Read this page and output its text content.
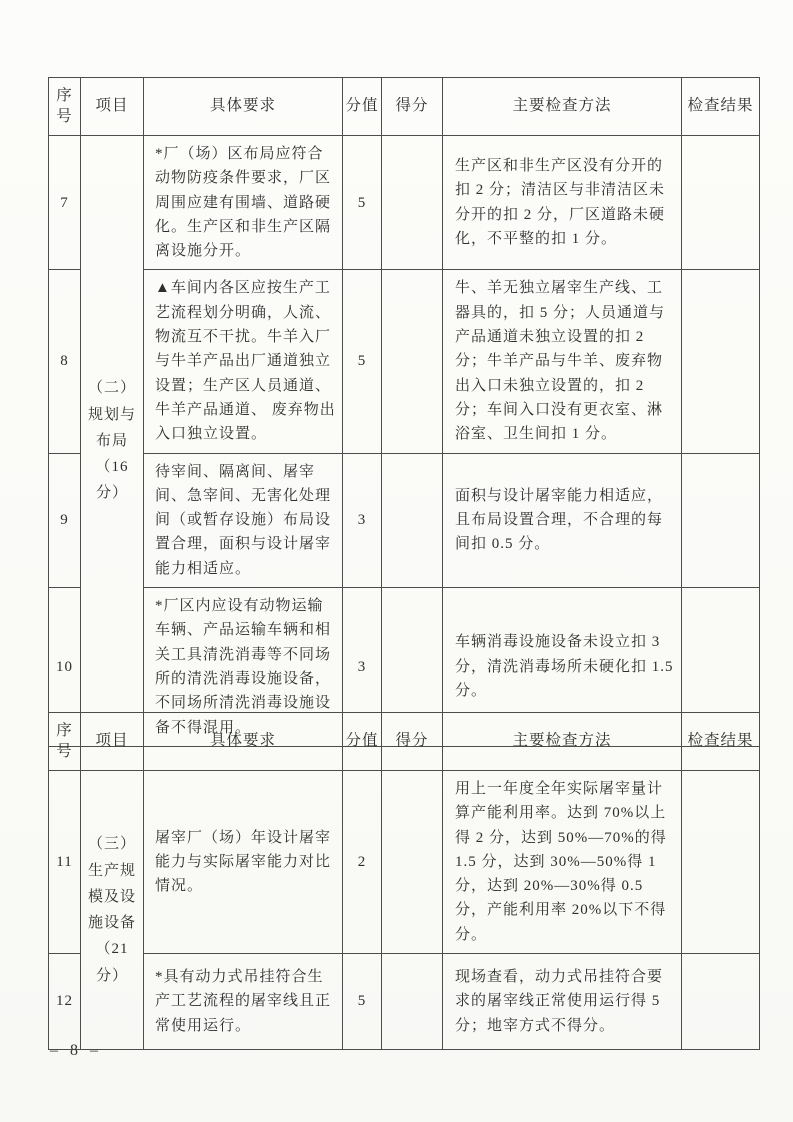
序号	项目	具体要求	分值	得分	主要检查方法	检查结果
7	（二）规划与布局（16分）	*厂（场）区布局应符合动物防疫条件要求，厂区周围应建有围墙、道路硬化。生产区和非生产区隔离设施分开。	5		生产区和非生产区没有分开的扣 2 分；清洁区与非清洁区未分开的扣 2 分，厂区道路未硬化，不平整的扣 1 分。	
8		▲车间内各区应按生产工艺流程划分明确，人流、物流互不干扰。牛羊入厂与牛羊产品出厂通道独立设置；生产区人员通道、牛羊产品通道、 废弃物出入口独立设置。	5		牛、羊无独立屠宰生产线、工器具的，扣 5 分；人员通道与产品通道未独立设置的扣 2 分；牛羊产品与牛羊、废弃物出入口未独立设置的，扣 2 分；车间入口没有更衣室、淋浴室、卫生间扣 1 分。	
9		待宰间、隔离间、屠宰间、急宰间、无害化处理间（或暂存设施）布局设置合理，面积与设计屠宰能力相适应。	3		面积与设计屠宰能力相适应，且布局设置合理，不合理的每间扣 0.5 分。	
10		*厂区内应设有动物运输车辆、产品运输车辆和相关工具清洗消毒等不同场所的清洗消毒设施设备，不同场所清洗消毒设施设备不得混用。	3		车辆消毒设施设备未设立扣 3 分，清洗消毒场所未硬化扣 1.5 分。	
序号	项目	具体要求	分值	得分	主要检查方法	检查结果
11	（三）生产规模及设施设备（21分）	屠宰厂（场）年设计屠宰能力与实际屠宰能力对比情况。	2		用上一年度全年实际屠宰量计算产能利用率。达到 70%以上得 2 分，达到 50%—70%的得 1.5 分，达到 30%—50%得 1 分，达到 20%—30%得 0.5 分，产能利用率 20%以下不得分。	
12		*具有动力式吊挂符合生产工艺流程的屠宰线且正常使用运行。	5		现场查看，动力式吊挂符合要求的屠宰线正常使用运行得 5 分；地宰方式不得分。	
– 8 –
